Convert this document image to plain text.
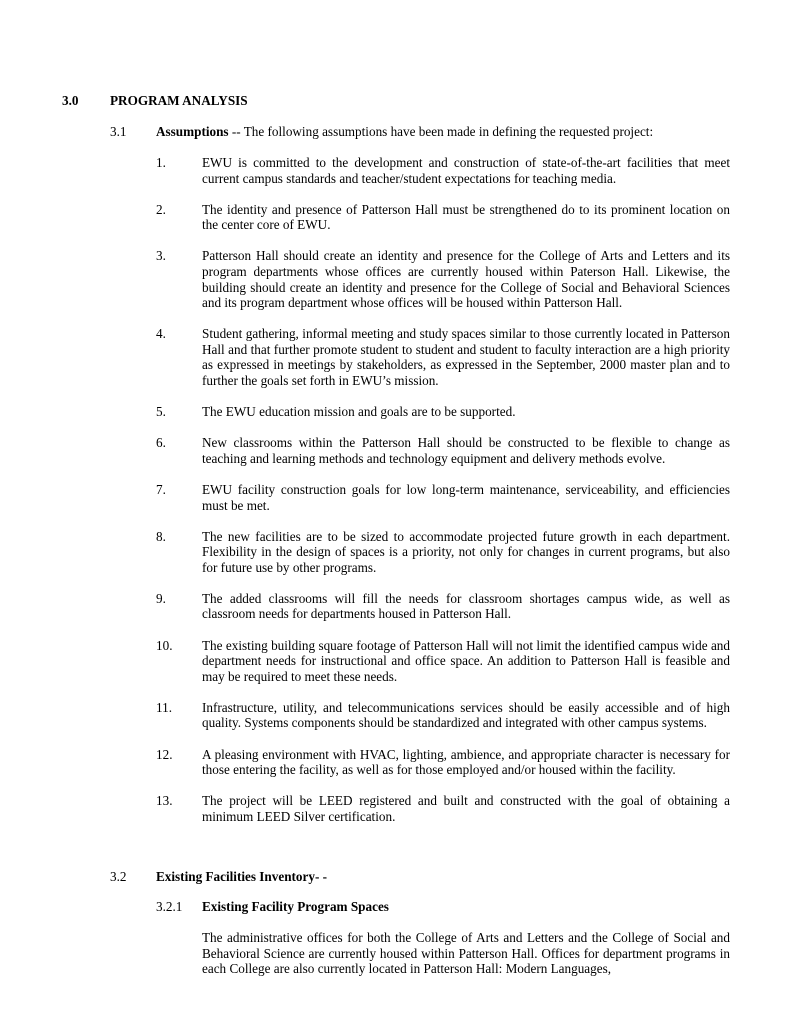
3.0 PROGRAM ANALYSIS
3.1 Assumptions -- The following assumptions have been made in defining the requested project:
1.	EWU is committed to the development and construction of state-of-the-art facilities that meet current campus standards and teacher/student expectations for teaching media.
2.	The identity and presence of Patterson Hall must be strengthened do to its prominent location on the center core of EWU.
3.	Patterson Hall should create an identity and presence for the College of Arts and Letters and its program departments whose offices are currently housed within Paterson Hall. Likewise, the building should create an identity and presence for the College of Social and Behavioral Sciences and its program department whose offices will be housed within Patterson Hall.
4.	Student gathering, informal meeting and study spaces similar to those currently located in Patterson Hall and that further promote student to student and student to faculty interaction are a high priority as expressed in meetings by stakeholders, as expressed in the September, 2000 master plan and to further the goals set forth in EWU’s mission.
5.	The EWU education mission and goals are to be supported.
6.	New classrooms within the Patterson Hall should be constructed to be flexible to change as teaching and learning methods and technology equipment and delivery methods evolve.
7.	EWU facility construction goals for low long-term maintenance, serviceability, and efficiencies must be met.
8.	The new facilities are to be sized to accommodate projected future growth in each department. Flexibility in the design of spaces is a priority, not only for changes in current programs, but also for future use by other programs.
9.	The added classrooms will fill the needs for classroom shortages campus wide, as well as classroom needs for departments housed in Patterson Hall.
10. The existing building square footage of Patterson Hall will not limit the identified campus wide and department needs for instructional and office space. An addition to Patterson Hall is feasible and may be required to meet these needs.
11. Infrastructure, utility, and telecommunications services should be easily accessible and of high quality. Systems components should be standardized and integrated with other campus systems.
12. A pleasing environment with HVAC, lighting, ambience, and appropriate character is necessary for those entering the facility, as well as for those employed and/or housed within the facility.
13. The project will be LEED registered and built and constructed with the goal of obtaining a minimum LEED Silver certification.
3.2 Existing Facilities Inventory- -
3.2.1 Existing Facility Program Spaces
The administrative offices for both the College of Arts and Letters and the College of Social and Behavioral Science are currently housed within Patterson Hall. Offices for department programs in each College are also currently located in Patterson Hall: Modern Languages,
